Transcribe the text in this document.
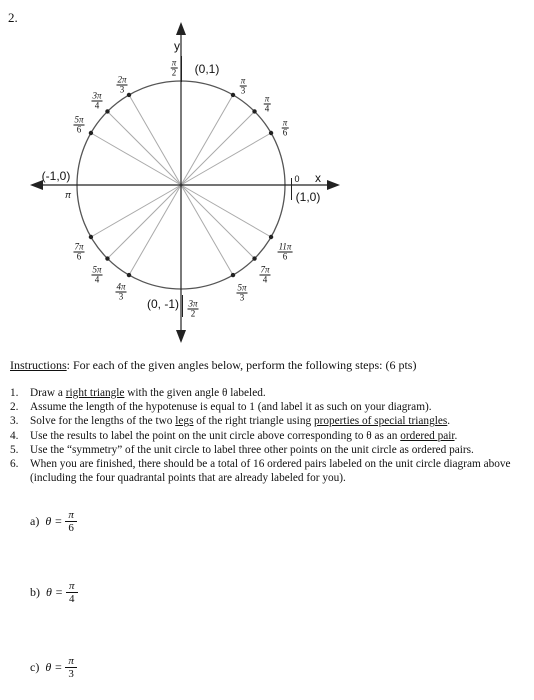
2.
y
x
0
(0,1)
(-1,0)
π	(1,0)
(0, -1)
$\frac{\pi}{2}$
$\frac{\pi}{3}$
$\frac{\pi}{4}$
$\frac{\pi}{6}$
$\frac{2\pi}{3}$
$\frac{3\pi}{4}$
$\frac{5\pi}{6}$
$\frac{7\pi}{6}$
$\frac{5\pi}{4}$
$\frac{4\pi}{3}$
$\frac{3\pi}{2}$
$\frac{5\pi}{3}$
$\frac{7\pi}{4}$
$\frac{11\pi}{6}$
Instructions: For each of the given angles below, perform the following steps: (6 pts)
1. Draw a right triangle with the given angle θ labeled.
2. Assume the length of the hypotenuse is equal to 1 (and label it as such on your diagram).
3. Solve for the lengths of the two legs of the right triangle using properties of special triangles.
4. Use the results to label the point on the unit circle above corresponding to θ as an ordered pair.
5. Use the “symmetry” of the unit circle to label three other points on the unit circle as ordered pairs.
6. When you are finished, there should be a total of 16 ordered pairs labeled on the unit circle diagram above (including the four quadrantal points that are already labeled for you).
a) $\theta = \frac{\pi}{6}$
b) $\theta = \frac{\pi}{4}$
c) $\theta = \frac{\pi}{3}$
